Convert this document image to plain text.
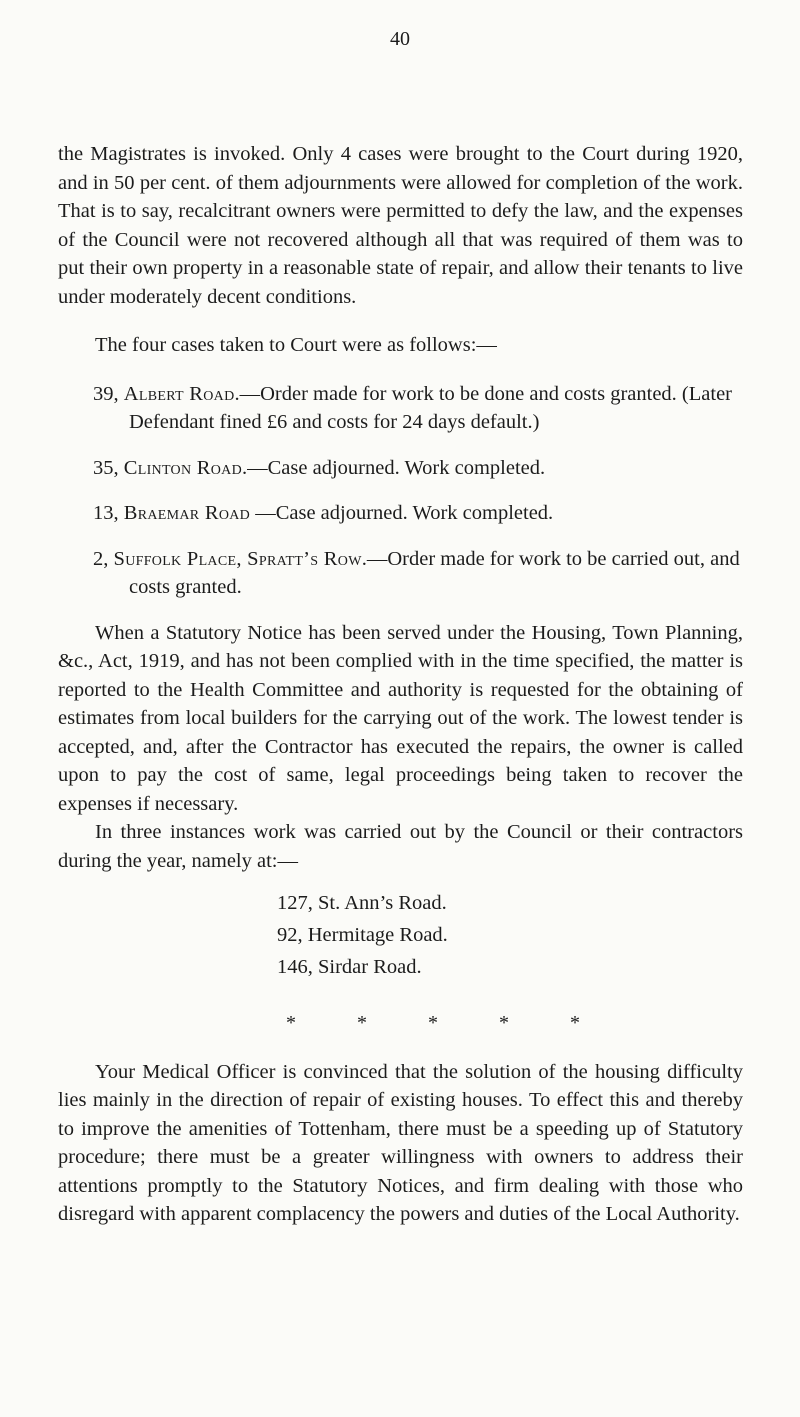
40

the Magistrates is invoked. Only 4 cases were brought to the Court during 1920, and in 50 per cent. of them adjournments were allowed for completion of the work. That is to say, recalcitrant owners were permitted to defy the law, and the expenses of the Council were not recovered although all that was required of them was to put their own property in a reasonable state of repair, and allow their tenants to live under moderately decent conditions.

The four cases taken to Court were as follows:—

39, Albert Road.—Order made for work to be done and costs granted. (Later Defendant fined £6 and costs for 24 days default.)

35, Clinton Road.—Case adjourned. Work completed.

13, Braemar Road —Case adjourned. Work completed.

2, Suffolk Place, Spratt’s Row.—Order made for work to be carried out, and costs granted.

When a Statutory Notice has been served under the Housing, Town Planning, &c., Act, 1919, and has not been complied with in the time specified, the matter is reported to the Health Committee and authority is requested for the obtaining of estimates from local builders for the carrying out of the work. The lowest tender is accepted, and, after the Contractor has executed the repairs, the owner is called upon to pay the cost of same, legal proceedings being taken to recover the expenses if necessary.

In three instances work was carried out by the Council or their contractors during the year, namely at:—

127, St. Ann’s Road.
92, Hermitage Road.
146, Sirdar Road.
*	*	*	*	*

Your Medical Officer is convinced that the solution of the housing difficulty lies mainly in the direction of repair of existing houses. To effect this and thereby to improve the amenities of Tottenham, there must be a speeding up of Statutory procedure; there must be a greater willingness with owners to address their attentions promptly to the Statutory Notices, and firm dealing with those who disregard with apparent complacency the powers and duties of the Local Authority.
